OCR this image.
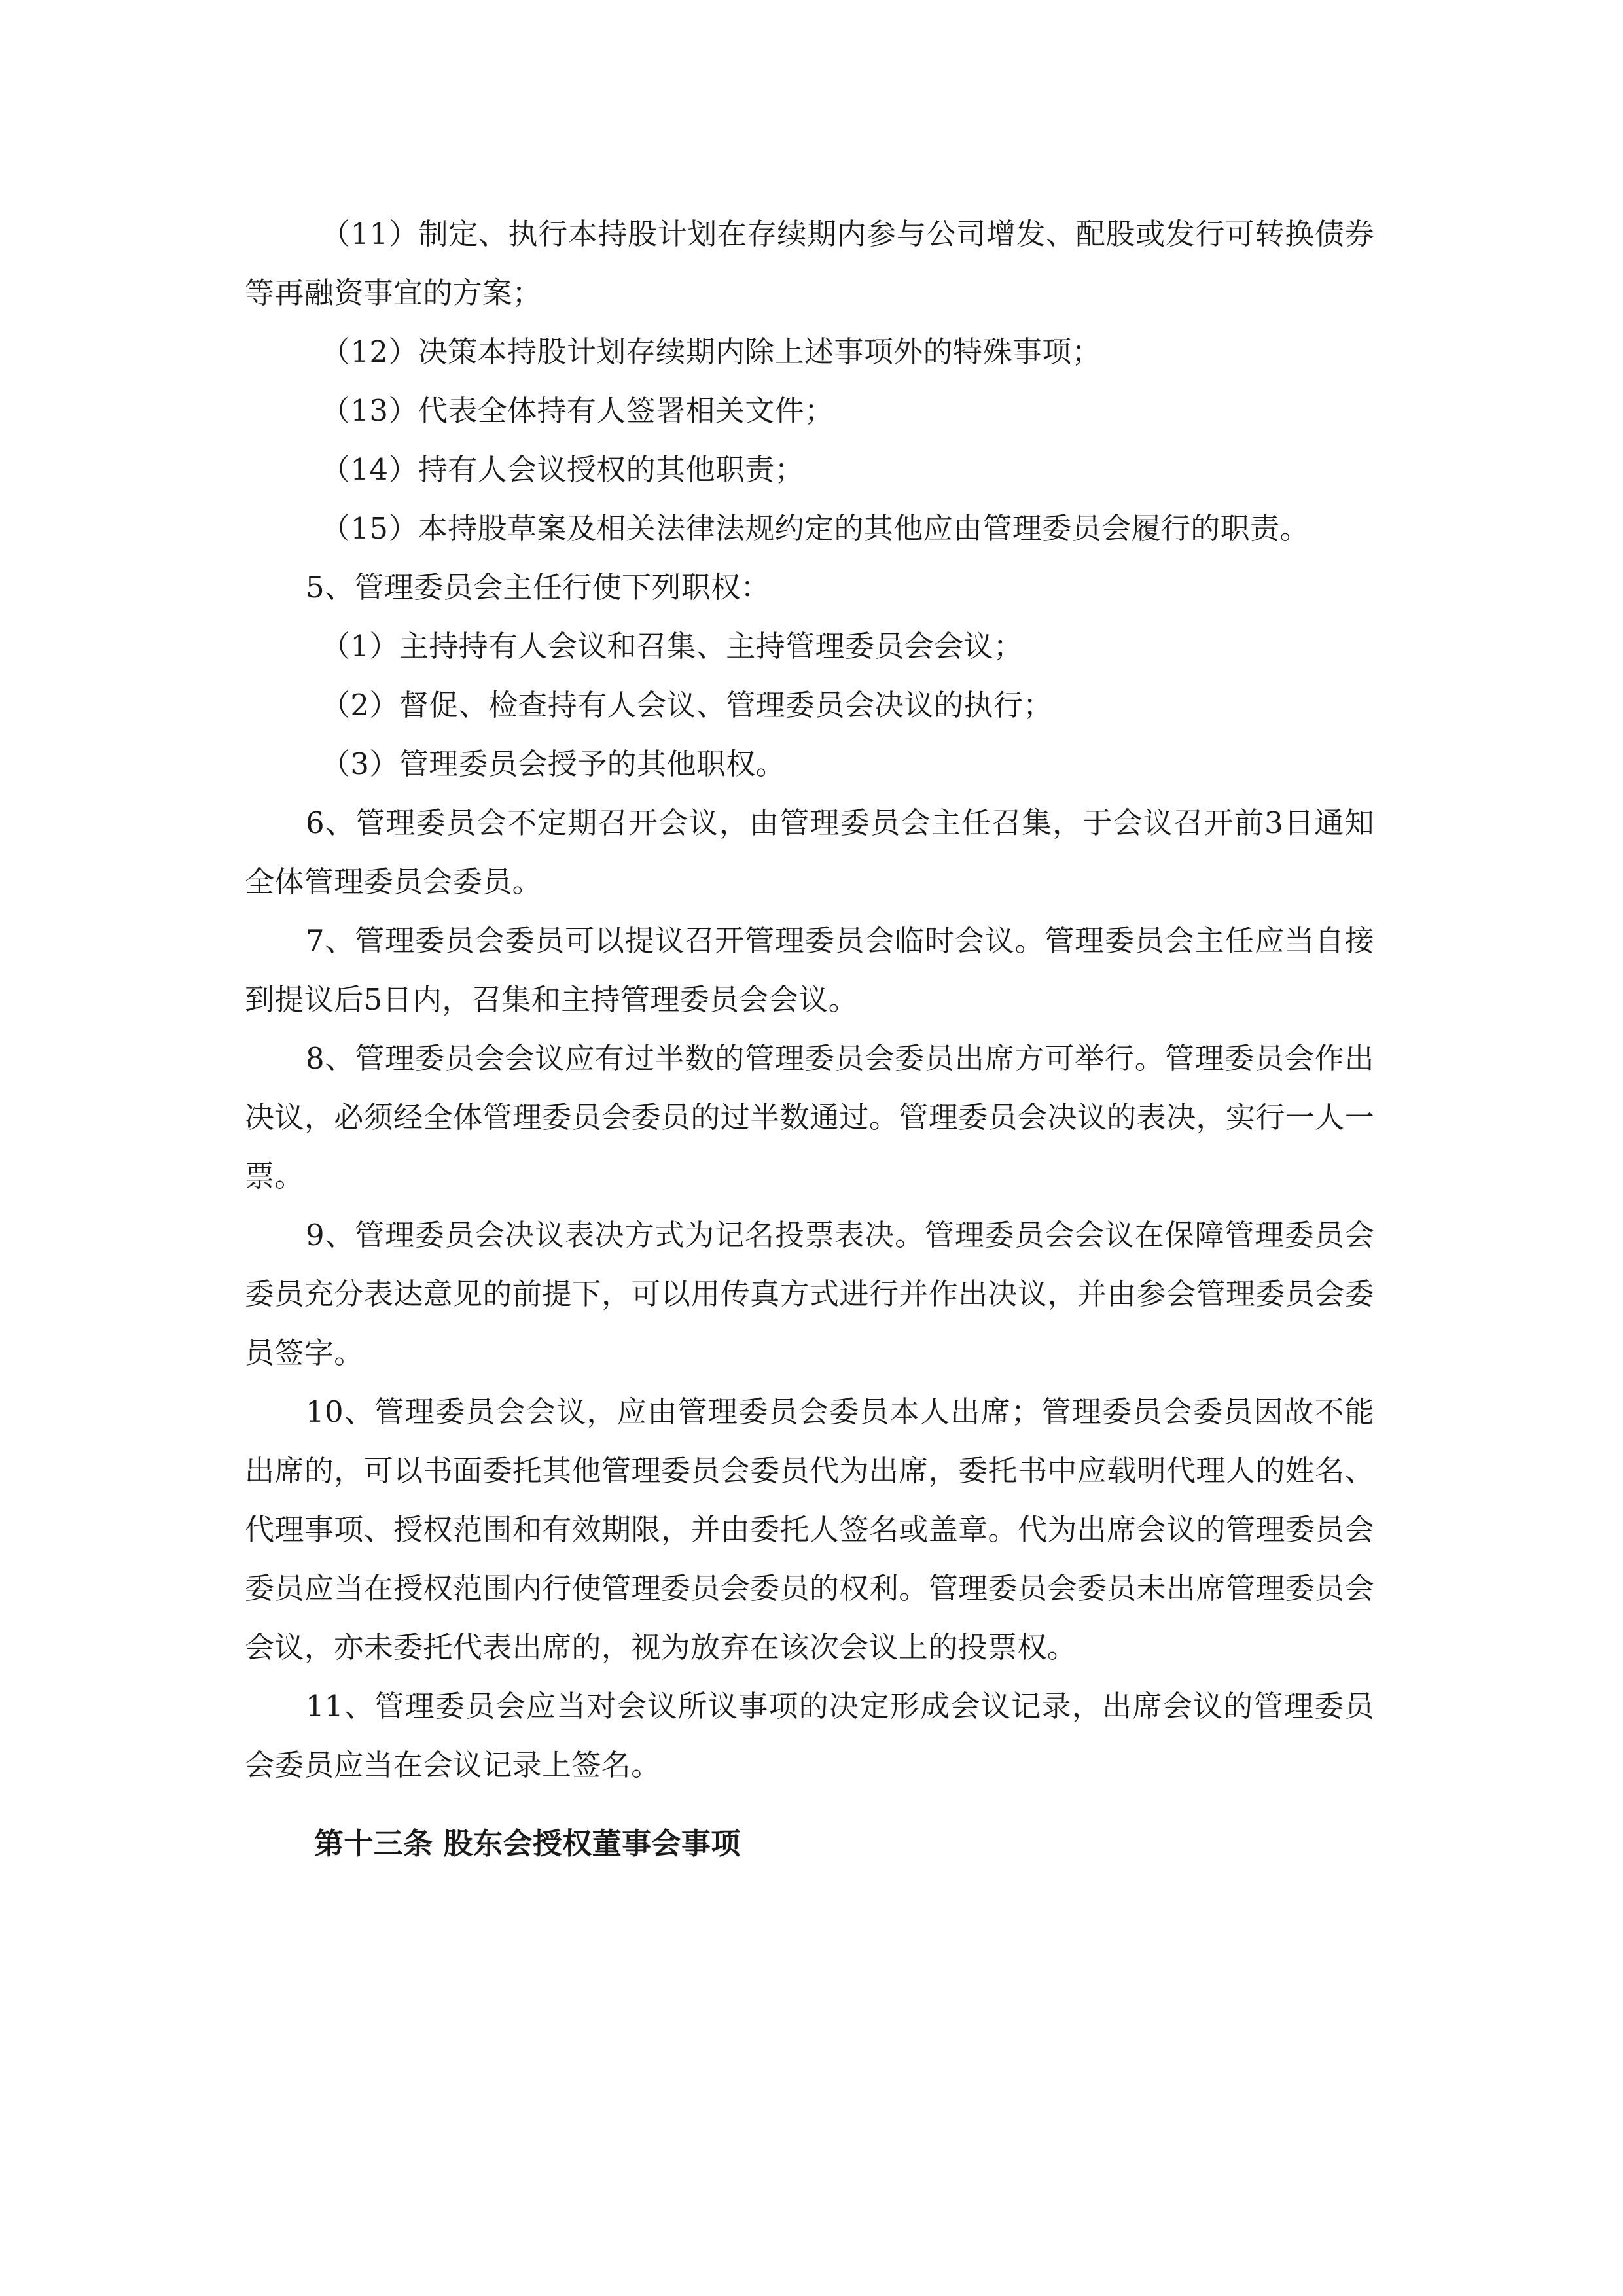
（11）制定、执行本持股计划在存续期内参与公司增发、配股或发行可转换债券等再融资事宜的方案；

（12）决策本持股计划存续期内除上述事项外的特殊事项；

（13）代表全体持有人签署相关文件；

（14）持有人会议授权的其他职责；

（15）本持股草案及相关法律法规约定的其他应由管理委员会履行的职责。

5、管理委员会主任行使下列职权：

（1）主持持有人会议和召集、主持管理委员会会议；

（2）督促、检查持有人会议、管理委员会决议的执行；

（3）管理委员会授予的其他职权。

6、管理委员会不定期召开会议，由管理委员会主任召集，于会议召开前3日通知全体管理委员会委员。

7、管理委员会委员可以提议召开管理委员会临时会议。管理委员会主任应当自接到提议后5日内，召集和主持管理委员会会议。

8、管理委员会会议应有过半数的管理委员会委员出席方可举行。管理委员会作出决议，必须经全体管理委员会委员的过半数通过。管理委员会决议的表决，实行一人一票。

9、管理委员会决议表决方式为记名投票表决。管理委员会会议在保障管理委员会委员充分表达意见的前提下，可以用传真方式进行并作出决议，并由参会管理委员会委员签字。

10、管理委员会会议，应由管理委员会委员本人出席；管理委员会委员因故不能出席的，可以书面委托其他管理委员会委员代为出席，委托书中应载明代理人的姓名、代理事项、授权范围和有效期限，并由委托人签名或盖章。代为出席会议的管理委员会委员应当在授权范围内行使管理委员会委员的权利。管理委员会委员未出席管理委员会会议，亦未委托代表出席的，视为放弃在该次会议上的投票权。

11、管理委员会应当对会议所议事项的决定形成会议记录，出席会议的管理委员会委员应当在会议记录上签名。

第十三条 股东会授权董事会事项
